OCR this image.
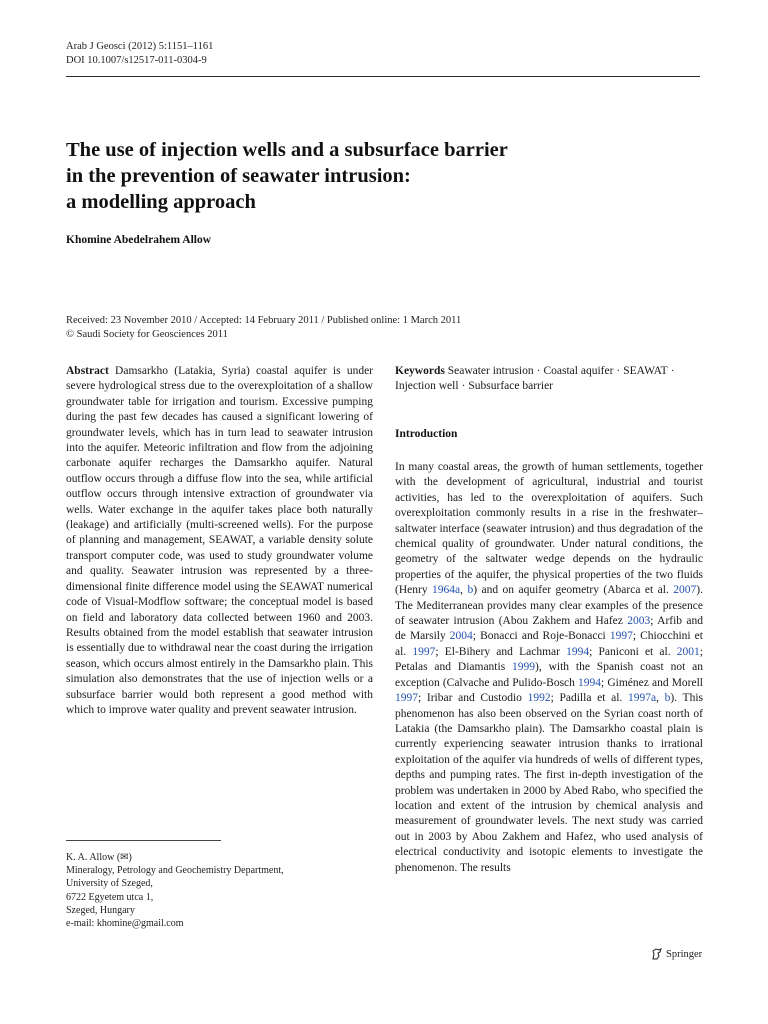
Arab J Geosci (2012) 5:1151–1161
DOI 10.1007/s12517-011-0304-9
The use of injection wells and a subsurface barrier
in the prevention of seawater intrusion:
a modelling approach
Khomine Abedelrahem Allow
Received: 23 November 2010 / Accepted: 14 February 2011 / Published online: 1 March 2011
© Saudi Society for Geosciences 2011

Abstract Damsarkho (Latakia, Syria) coastal aquifer is under severe hydrological stress due to the overexploitation of a shallow groundwater table for irrigation and tourism. Excessive pumping during the past few decades has caused a significant lowering of groundwater levels, which has in turn lead to seawater intrusion into the aquifer. Meteoric infiltration and flow from the adjoining carbonate aquifer recharges the Damsarkho aquifer. Natural outflow occurs through a diffuse flow into the sea, while artificial outflow occurs through intensive extraction of groundwater via wells. Water exchange in the aquifer takes place both naturally (leakage) and artificially (multi-screened wells). For the purpose of planning and management, SEAWAT, a variable density solute transport computer code, was used to study groundwater volume and quality. Seawater intrusion was represented by a three-dimensional finite difference model using the SEAWAT numerical code of Visual-Modflow software; the conceptual model is based on field and laboratory data collected between 1960 and 2003. Results obtained from the model establish that seawater intrusion is essentially due to withdrawal near the coast during the irrigation season, which occurs almost entirely in the Damsarkho plain. This simulation also demonstrates that the use of injection wells or a subsurface barrier would both represent a good method with which to improve water quality and prevent seawater intrusion.

Keywords Seawater intrusion · Coastal aquifer · SEAWAT · Injection well · Subsurface barrier

Introduction

In many coastal areas, the growth of human settlements, together with the development of agricultural, industrial and tourist activities, has led to the overexploitation of aquifers. Such overexploitation commonly results in a rise in the freshwater–saltwater interface (seawater intrusion) and thus degradation of the chemical quality of groundwater. Under natural conditions, the geometry of the saltwater wedge depends on the hydraulic properties of the aquifer, the physical properties of the two fluids (Henry 1964a, b) and on aquifer geometry (Abarca et al. 2007). The Mediterranean provides many clear examples of the presence of seawater intrusion (Abou Zakhem and Hafez 2003; Arfib and de Marsily 2004; Bonacci and Roje-Bonacci 1997; Chiocchini et al. 1997; El-Bihery and Lachmar 1994; Paniconi et al. 2001; Petalas and Diamantis 1999), with the Spanish coast not an exception (Calvache and Pulido-Bosch 1994; Giménez and Morell 1997; Iribar and Custodio 1992; Padilla et al. 1997a, b). This phenomenon has also been observed on the Syrian coast north of Latakia (the Damsarkho plain). The Damsarkho coastal plain is currently experiencing seawater intrusion thanks to irrational exploitation of the aquifer via hundreds of wells of different types, depths and pumping rates. The first in-depth investigation of the problem was undertaken in 2000 by Abed Rabo, who specified the location and extent of the intrusion by chemical analysis and measurement of groundwater levels. The next study was carried out in 2003 by Abou Zakhem and Hafez, who used analysis of electrical conductivity and isotopic elements to investigate the phenomenon. The results

K. A. Allow (✉)
Mineralogy, Petrology and Geochemistry Department,
University of Szeged,
6722 Egyetem utca 1,
Szeged, Hungary
e-mail: khomine@gmail.com
Springer
